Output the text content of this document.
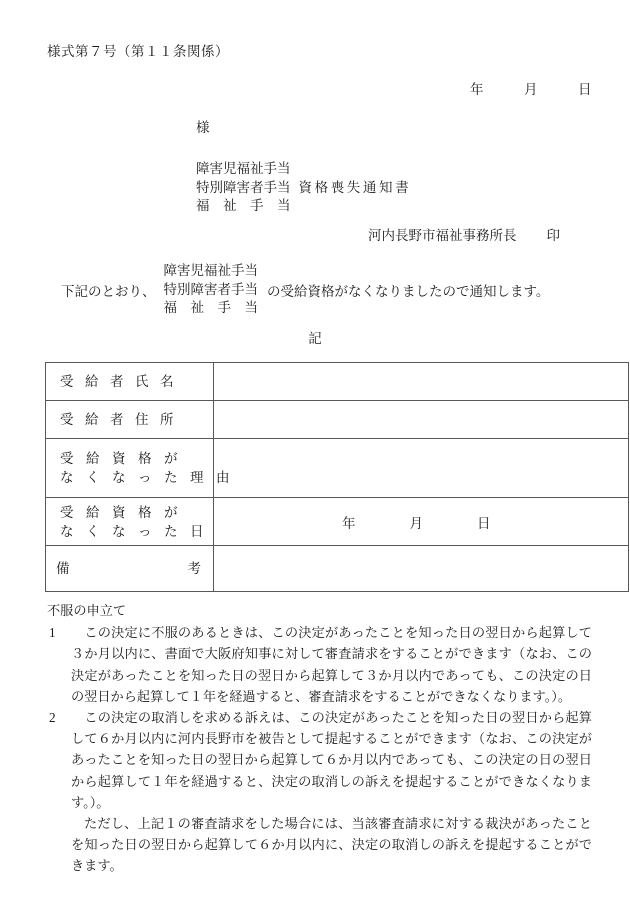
様式第７号（第１１条関係）
年　　　月　　　日
様
障害児福祉手当
特別障害者手当
福　祉　手　当
資格喪失通知書
河内長野市福祉事務所長 印
下記のとおり、
障害児福祉手当
特別障害者手当
福　祉　手　当
の受給資格がなくなりましたので通知します。
記
受給者氏名	

受給者住所	

受給資格が
なくなった理由	

受給資格が
なくなった日	年　　　　月　　　　日

備 考	

不服の申立て

1 　この決定に不服のあるときは、この決定があったことを知った日の翌日から起算して３か月以内に、書面で大阪府知事に対して審査請求をすることができます（なお、この決定があったことを知った日の翌日から起算して３か月以内であっても、この決定の日の翌日から起算して１年を経過すると、審査請求をすることができなくなります。）。
2 　この決定の取消しを求める訴えは、この決定があったことを知った日の翌日から起算して６か月以内に河内長野市を被告として提起することができます（なお、この決定があったことを知った日の翌日から起算して６か月以内であっても、この決定の日の翌日から起算して１年を経過すると、決定の取消しの訴えを提起することができなくなります。）。
ただし、上記１の審査請求をした場合には、当該審査請求に対する裁決があったことを知った日の翌日から起算して６か月以内に、決定の取消しの訴えを提起することができます。
